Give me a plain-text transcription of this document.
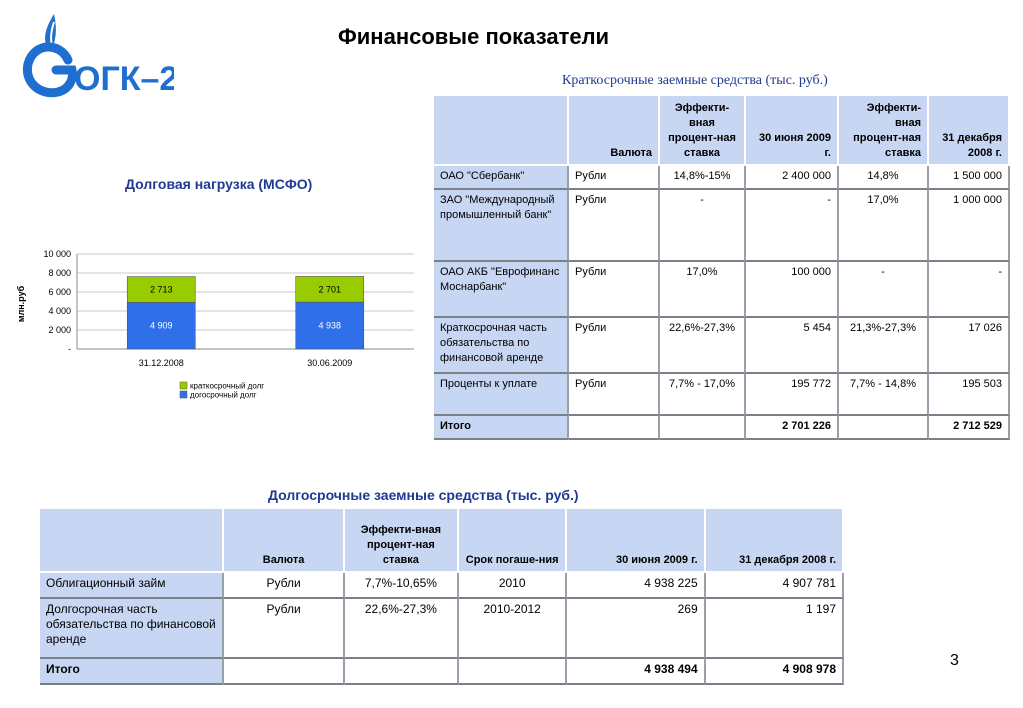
ОГК–2
Финансовые показатели
Краткосрочные заемные средства (тыс. руб.)
	Валюта	Эффекти-вная процент-ная ставка	30 июня 2009 г.	Эффекти-вная процент-ная ставка	31 декабря 2008 г.
ОАО "Сбербанк"	Рубли	14,8%-15%	2 400 000	14,8%	1 500 000
ЗАО "Международный промышленный банк"	Рубли	-	-	17,0%	1 000 000
ОАО АКБ "Еврофинанс Моснарбанк"	Рубли	17,0%	100 000	-	-
Краткосрочная часть обязательства по финансовой аренде	Рубли	22,6%-27,3%	5 454	21,3%-27,3%	17 026
Проценты к уплате	Рубли	7,7% - 17,0%	195 772	7,7% - 14,8%	195 503
Итого			2 701 226		2 712 529
Долговая нагрузка (МСФО)
млн.руб
-
2 000
4 000
6 000
8 000
10 000
4 909
2 713
31.12.2008
4 938
2 701
30.06.2009
краткосрочный долг
догосрочный долг
Долгосрочные заемные средства (тыс. руб.)
	Валюта	Эффекти-вная процент-ная ставка	Срок погаше-ния	30 июня 2009 г.	31 декабря 2008 г.
Облигационный займ	Рубли	7,7%-10,65%	2010	4 938 225	4 907 781
Долгосрочная часть обязательства по финансовой аренде	Рубли	22,6%-27,3%	2010-2012	269	1 197
Итого				4 938 494	4 908 978	3
